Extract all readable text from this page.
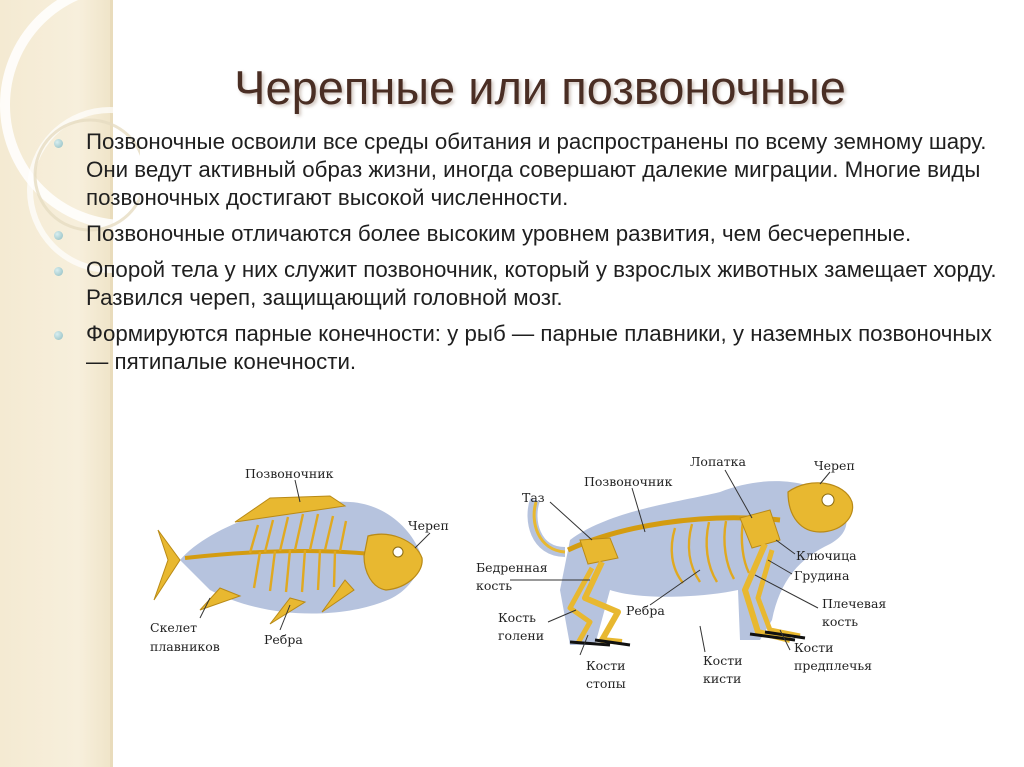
Черепные или позвоночные
Позвоночные освоили все среды обитания и распространены по всему земному шару. Они ведут активный образ жизни, иногда совершают далекие миграции. Многие виды позвоночных достигают высокой численности.
Позвоночные отличаются более высоким уровнем развития, чем бесчерепные.
Опорой тела у них служит позвоночник, который у взрослых животных замещает хорду. Развился череп, защищающий головной мозг.
Формируются парные конечности: у рыб — парные плавники, у наземных позвоночных — пятипалые конечности.
Позвоночник
Череп
Скелет
плавников	Ребра
Лопатка	Череп
Таз
Позвоночник
Бедренная
кость
Ключица
Грудина
Кость
голени
Ребра	Плечевая
кость
Кости
стопы
Кости
кисти
Кости
предплечья
